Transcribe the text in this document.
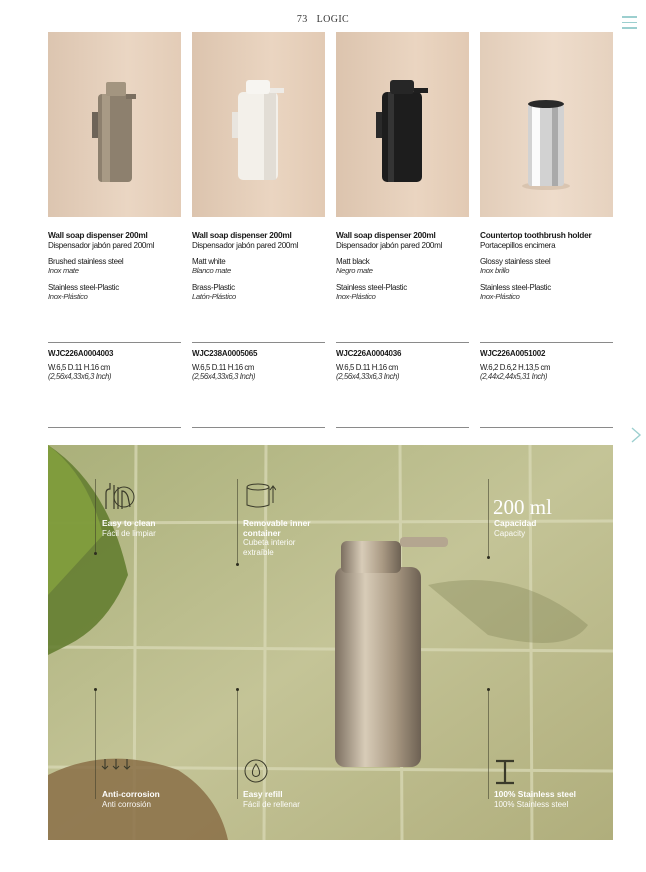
73 LOGIC
Wall soap dispenser 200ml
Dispensador jabón pared 200ml
Brushed stainless steel
Inox mate
Stainless steel-Plastic
Inox-Plástico
WJC226A0004003
W.6,5 D.11 H.16 cm
(2,56x4,33x6,3 Inch)
Wall soap dispenser 200ml
Dispensador jabón pared 200ml
Matt white
Blanco mate
Brass-Plastic
Latón-Plástico
WJC238A0005065
W.6,5 D.11 H.16 cm
(2,56x4,33x6,3 Inch)
Wall soap dispenser 200ml
Dispensador jabón pared 200ml
Matt black
Negro mate
Stainless steel-Plastic
Inox-Plástico
WJC226A0004036
W.6,5 D.11 H.16 cm
(2,56x4,33x6,3 Inch)
Countertop toothbrush holder
Portacepillos encimera
Glossy stainless steel
Inox brillo
Stainless steel-Plastic
Inox-Plástico
WJC226A0051002
W.6,2 D.6,2 H.13,5 cm
(2,44x2,44x5,31 Inch)
Easy to clean
Fácil de limpiar
Removable inner container
Cubeta interior extraíble
200 ml
Capacidad
Capacity
Anti-corrosion
Anti corrosión
Easy refill
Fácil de rellenar
100% Stainless steel
100% Stainless steel
